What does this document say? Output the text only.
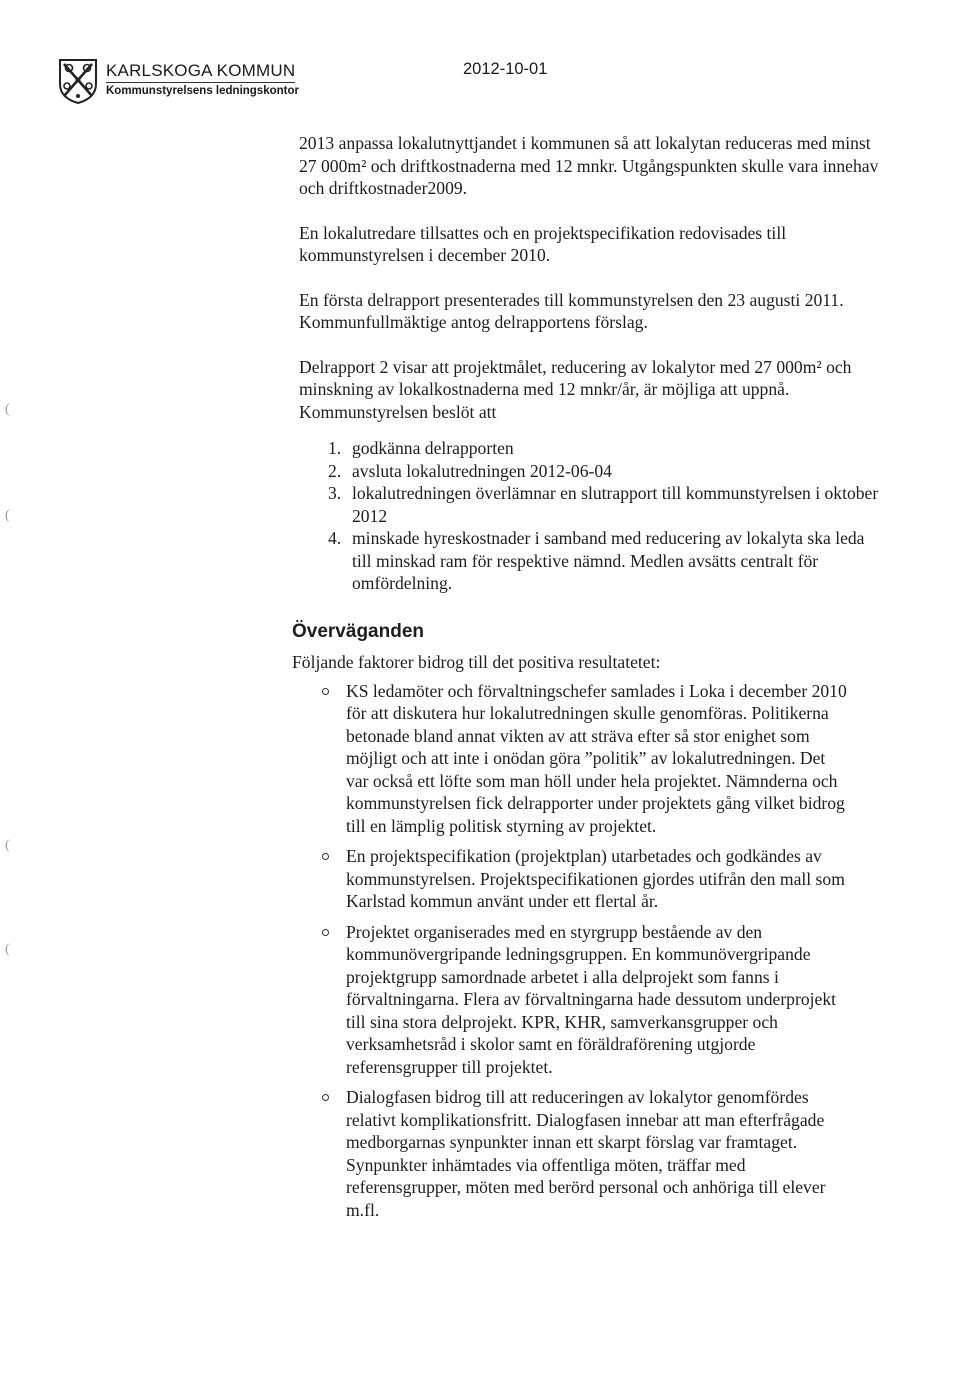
KARLSKOGA KOMMUN
Kommunstyrelsens ledningskontor
2012-10-01
(
(
(
(

2013 anpassa lokalutnyttjandet i kommunen så att lokalytan reduceras med minst 27 000m² och driftkostnaderna med 12 mnkr. Utgångspunkten skulle vara innehav och driftkostnader2009.

En lokalutredare tillsattes och en projektspecifikation redovisades till kommunstyrelsen i december 2010.

En första delrapport presenterades till kommunstyrelsen den 23 augusti 2011. Kommunfullmäktige antog delrapportens förslag.

Delrapport 2 visar att projektmålet, reducering av lokalytor med 27 000m² och minskning av lokalkostnaderna med 12 mnkr/år, är möjliga att uppnå. Kommunstyrelsen beslöt att

1. godkänna delrapporten
2. avsluta lokalutredningen 2012-06-04
3. lokalutredningen överlämnar en slutrapport till kommunstyrelsen i oktober 2012
4. minskade hyreskostnader i samband med reducering av lokalyta ska leda till minskad ram för respektive nämnd. Medlen avsätts centralt för omfördelning.
Överväganden

Följande faktorer bidrog till det positiva resultatetet:

KS ledamöter och förvaltningschefer samlades i Loka i december 2010 för att diskutera hur lokalutredningen skulle genomföras. Politikerna betonade bland annat vikten av att sträva efter så stor enighet som möjligt och att inte i onödan göra ”politik” av lokalutredningen. Det var också ett löfte som man höll under hela projektet. Nämnderna och kommunstyrelsen fick delrapporter under projektets gång vilket bidrog till en lämplig politisk styrning av projektet.
En projektspecifikation (projektplan) utarbetades och godkändes av kommunstyrelsen. Projektspecifikationen gjordes utifrån den mall som Karlstad kommun använt under ett flertal år.
Projektet organiserades med en styrgrupp bestående av den kommunövergripande ledningsgruppen. En kommunövergripande projektgrupp samordnade arbetet i alla delprojekt som fanns i förvaltningarna. Flera av förvaltningarna hade dessutom underprojekt till sina stora delprojekt. KPR, KHR, samverkansgrupper och verksamhetsråd i skolor samt en föräldraförening utgjorde referensgrupper till projektet.
Dialogfasen bidrog till att reduceringen av lokalytor genomfördes relativt komplikationsfritt. Dialogfasen innebar att man efterfrågade medborgarnas synpunkter innan ett skarpt förslag var framtaget. Synpunkter inhämtades via offentliga möten, träffar med referensgrupper, möten med berörd personal och anhöriga till elever m.fl.
